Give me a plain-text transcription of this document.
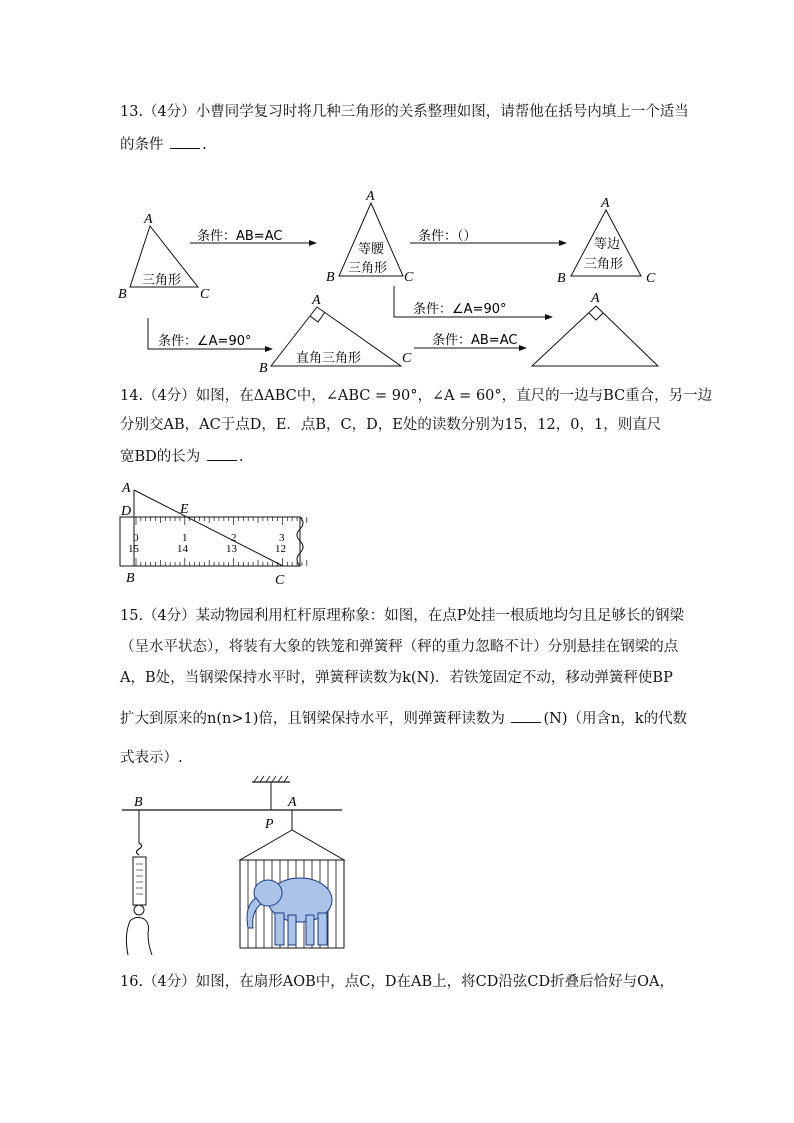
13.（4分）小曹同学复习时将几种三角形的关系整理如图，请帮他在括号内填上一个适当
的条件	.
A
B	C
三角形
条件：AB=AC
A
B	C
等腰
三角形
条件：（）
A
B	C
等边
三角形
条件：∠A=90°
条件：∠A=90°
A
B
C
直角三角形
条件：AB=AC
A
14.（4分）如图，在ΔABC中，∠ABC = 90°，∠A = 60°，直尺的一边与BC重合，另一边
分别交AB，AC于点D，E．点B，C，D，E处的读数分别为15，12，0，1，则直尺
宽BD的长为	.
A
D	E
B	C
0	1	2	3
15	14	13	12
15.（4分）某动物园利用杠杆原理称象：如图，在点P处挂一根质地均匀且足够长的钢梁
（呈水平状态），将装有大象的铁笼和弹簧秤（秤的重力忽略不计）分别悬挂在钢梁的点
A，B处，当钢梁保持水平时，弹簧秤读数为k(N)．若铁笼固定不动，移动弹簧秤使BP
扩大到原来的n(n>1)倍，且钢梁保持水平，则弹簧秤读数为	(N)（用含n，k的代数
式表示）.
B	A
P
16.（4分）如图，在扇形AOB中，点C，D在AB上，将CD沿弦CD折叠后恰好与OA，
